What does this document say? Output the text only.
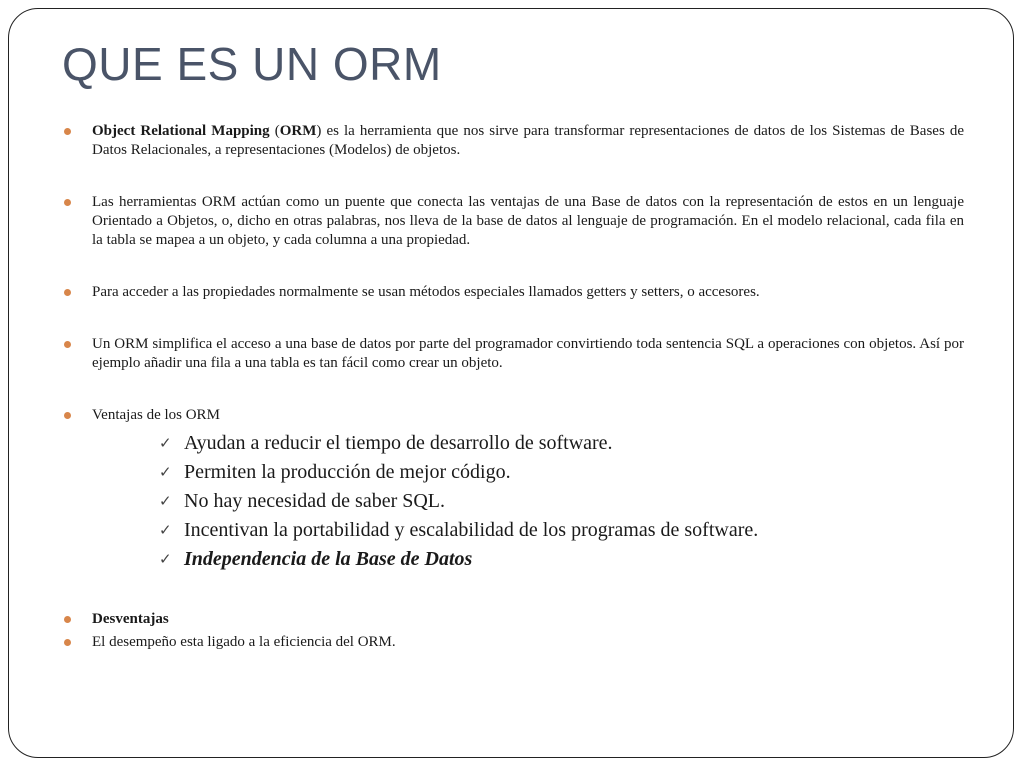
QUE ES UN ORM

Object Relational Mapping (ORM) es la herramienta que nos sirve para transformar representaciones de datos de los Sistemas de Bases de Datos Relacionales, a representaciones (Modelos) de objetos.

Las herramientas ORM actúan como un puente que conecta las ventajas de una Base de datos con la representación de estos en un lenguaje Orientado a Objetos, o, dicho en otras palabras, nos lleva de la base de datos al lenguaje de programación. En el modelo relacional, cada fila en la tabla se mapea a un objeto, y cada columna a una propiedad.

Para acceder a las propiedades normalmente se usan métodos especiales llamados getters y setters, o accesores.

Un ORM simplifica el acceso a una base de datos por parte del programador convirtiendo toda sentencia SQL a operaciones con objetos. Así por ejemplo añadir una fila a una tabla es tan fácil como crear un objeto.

Ventajas de los ORM

✓ Ayudan a reducir el tiempo de desarrollo de software.
✓ Permiten la producción de mejor código.
✓ No hay necesidad de saber SQL.
✓ Incentivan la portabilidad y escalabilidad de los programas de software.
✓ Independencia de la Base de Datos

Desventajas

El desempeño esta ligado a la eficiencia del ORM.
